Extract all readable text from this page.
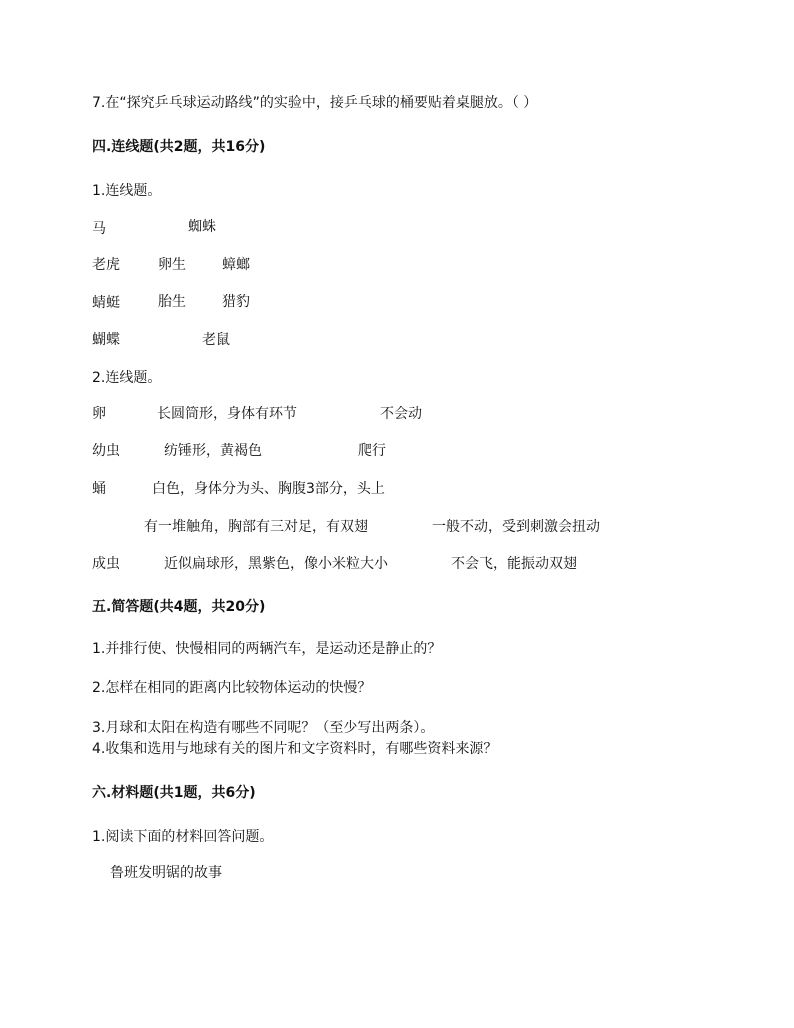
7.在“探究乒乓球运动路线”的实验中，接乒乓球的桶要贴着桌腿放。（ ）
四.连线题(共2题，共16分)
1.连线题。
马	蜘蛛
老虎	卵生	蟑螂
蜻蜓	胎生	猎豹
蝴蝶	老鼠
2.连线题。
卵	长圆筒形，身体有环节	不会动
幼虫	纺锤形，黄褐色	爬行
蛹	白色，身体分为头、胸腹3部分，头上
有一堆触角，胸部有三对足，有双翅	一般不动，受到刺激会扭动
成虫	近似扁球形，黑紫色，像小米粒大小	不会飞，能振动双翅
五.简答题(共4题，共20分)
1.并排行使、快慢相同的两辆汽车，是运动还是静止的？
2.怎样在相同的距离内比较物体运动的快慢？
3.月球和太阳在构造有哪些不同呢？（至少写出两条）。
4.收集和选用与地球有关的图片和文字资料时，有哪些资料来源？
六.材料题(共1题，共6分)
1.阅读下面的材料回答问题。
鲁班发明锯的故事
